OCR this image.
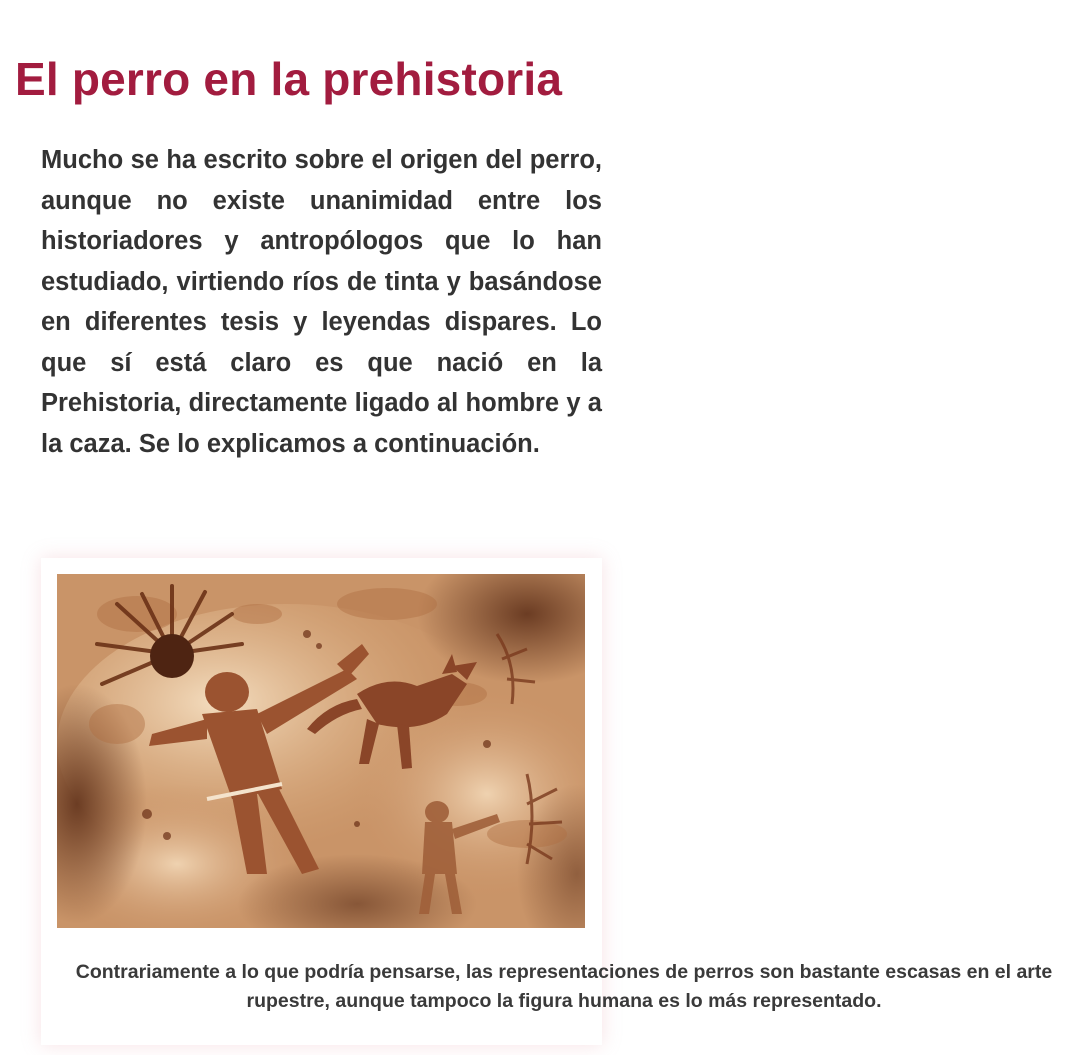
El perro en la prehistoria

Mucho se ha escrito sobre el origen del perro, aunque no existe unanimidad entre los historiadores y antropólogos que lo han estudiado, virtiendo ríos de tinta y basándose en diferentes tesis y leyendas dispares. Lo que sí está claro es que nació en la Prehistoria, directamente ligado al hombre y a la caza. Se lo explicamos a continuación.

Contrariamente a lo que podría pensarse, las representaciones de perros son bastante escasas en el arte rupestre, aunque tampoco la figura humana es lo más representado.
